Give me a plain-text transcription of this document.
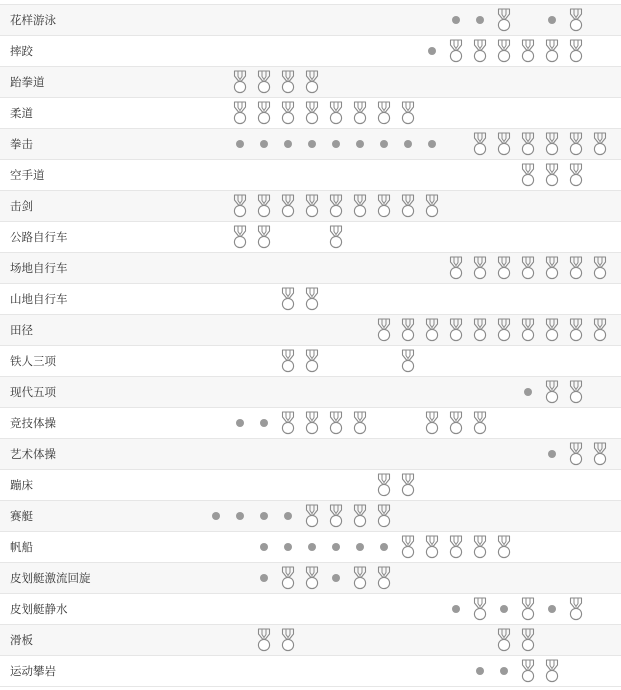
花样游泳
摔跤
跆拳道
柔道
拳击
空手道
击剑
公路自行车
场地自行车
山地自行车
田径
铁人三项
现代五项
竞技体操
艺术体操
蹦床
赛艇
帆船
皮划艇激流回旋
皮划艇静水
滑板
运动攀岩
